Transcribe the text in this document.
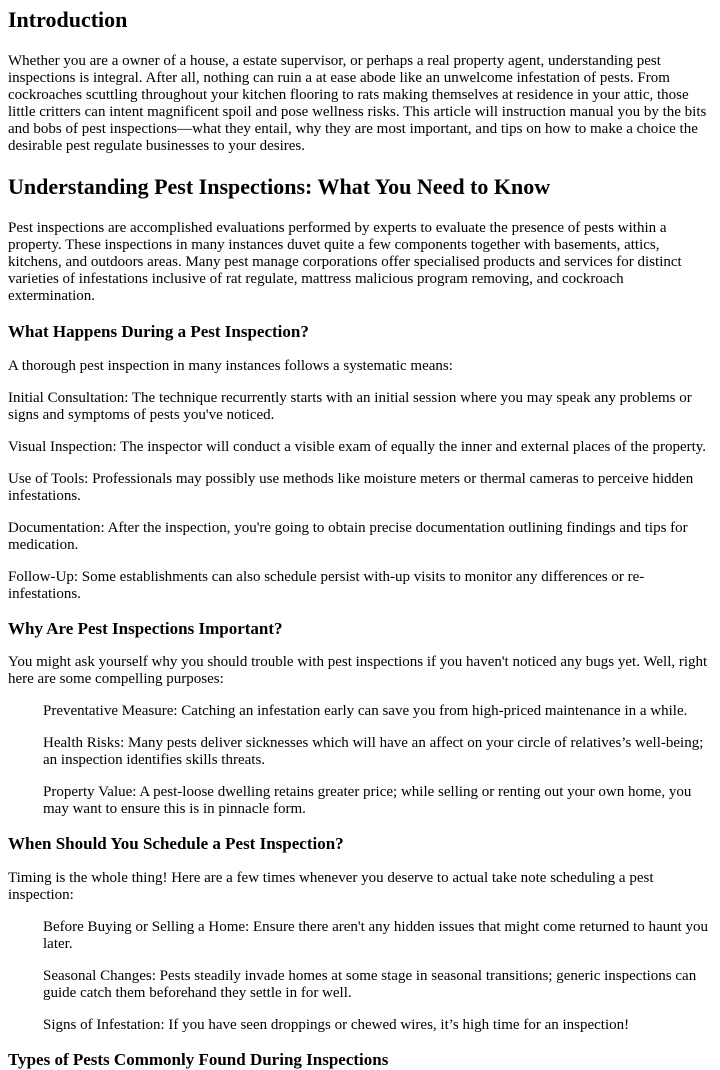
Introduction

Whether you are a owner of a house, a estate supervisor, or perhaps a real property agent, understanding pest inspections is integral. After all, nothing can ruin a at ease abode like an unwelcome infestation of pests. From cockroaches scuttling throughout your kitchen flooring to rats making themselves at residence in your attic, those little critters can intent magnificent spoil and pose wellness risks. This article will instruction manual you by the bits and bobs of pest inspections—what they entail, why they are most important, and tips on how to make a choice the desirable pest regulate businesses to your desires.

Understanding Pest Inspections: What You Need to Know

Pest inspections are accomplished evaluations performed by experts to evaluate the presence of pests within a property. These inspections in many instances duvet quite a few components together with basements, attics, kitchens, and outdoors areas. Many pest manage corporations offer specialised products and services for distinct varieties of infestations inclusive of rat regulate, mattress malicious program removing, and cockroach extermination.

What Happens During a Pest Inspection?

A thorough pest inspection in many instances follows a systematic means:

Initial Consultation: The technique recurrently starts with an initial session where you may speak any problems or signs and symptoms of pests you've noticed.

Visual Inspection: The inspector will conduct a visible exam of equally the inner and external places of the property.

Use of Tools: Professionals may possibly use methods like moisture meters or thermal cameras to perceive hidden infestations.

Documentation: After the inspection, you're going to obtain precise documentation outlining findings and tips for medication.

Follow-Up: Some establishments can also schedule persist with-up visits to monitor any differences or re-infestations.

Why Are Pest Inspections Important?

You might ask yourself why you should trouble with pest inspections if you haven't noticed any bugs yet. Well, right here are some compelling purposes:

Preventative Measure: Catching an infestation early can save you from high-priced maintenance in a while.
Health Risks: Many pests deliver sicknesses which will have an affect on your circle of relatives’s well-being; an inspection identifies skills threats.
Property Value: A pest-loose dwelling retains greater price; while selling or renting out your own home, you may want to ensure this is in pinnacle form.
When Should You Schedule a Pest Inspection?

Timing is the whole thing! Here are a few times whenever you deserve to actual take note scheduling a pest inspection:

Before Buying or Selling a Home: Ensure there aren't any hidden issues that might come returned to haunt you later.
Seasonal Changes: Pests steadily invade homes at some stage in seasonal transitions; generic inspections can guide catch them beforehand they settle in for well.
Signs of Infestation: If you have seen droppings or chewed wires, it’s high time for an inspection!
Types of Pests Commonly Found During Inspections
